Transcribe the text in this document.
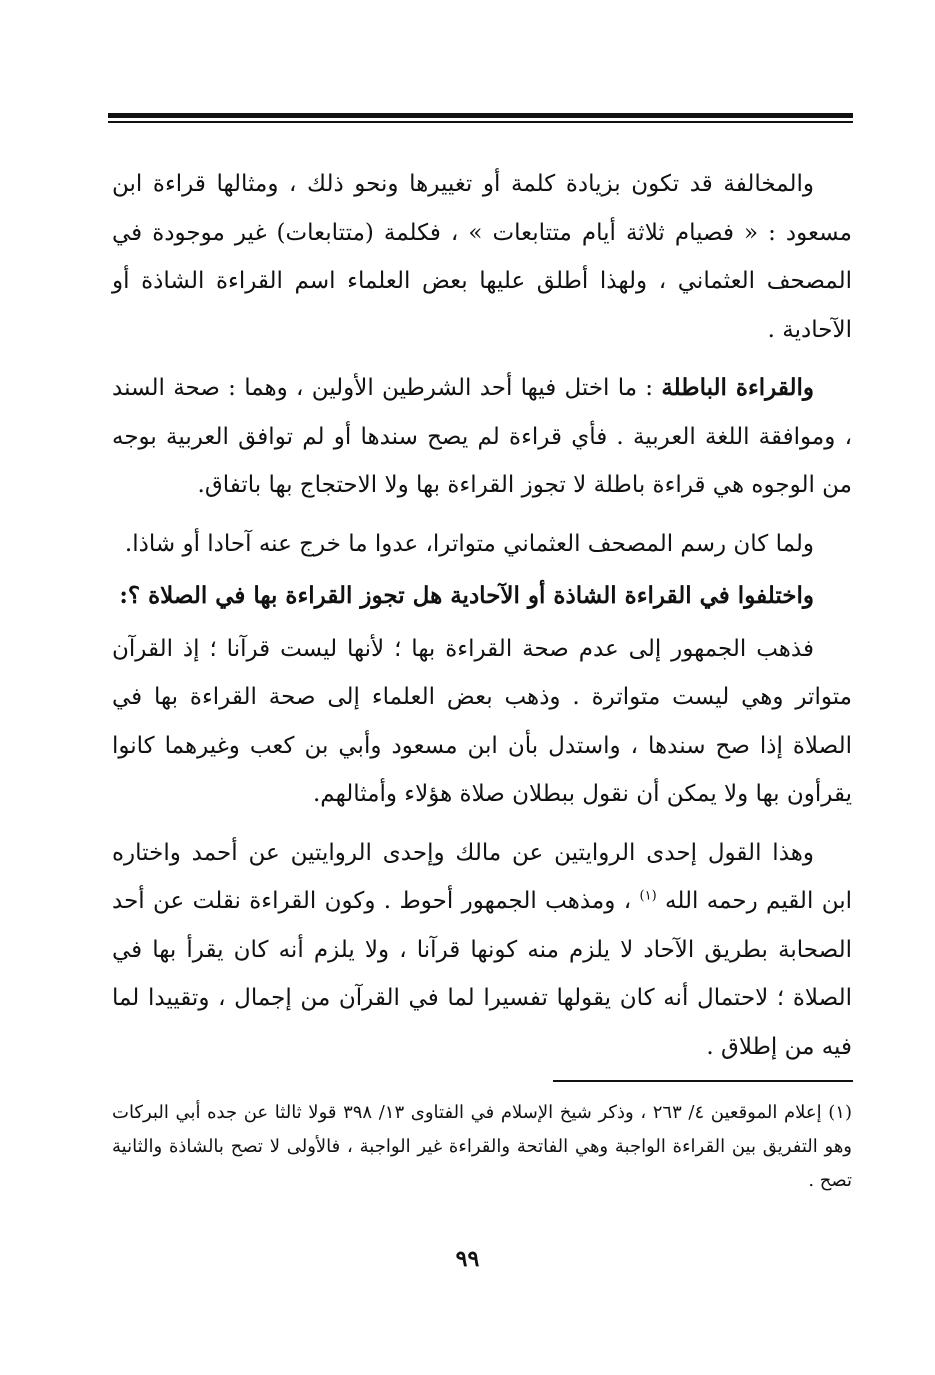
والمخالفة قد تكون بزيادة كلمة أو تغييرها ونحو ذلك ، ومثالها قراءة ابن مسعود : « فصيام ثلاثة أيام متتابعات » ، فكلمة (متتابعات) غير موجودة في المصحف العثماني ، ولهذا أطلق عليها بعض العلماء اسم القراءة الشاذة أو الآحادية .

والقراءة الباطلة : ما اختل فيها أحد الشرطين الأولين ، وهما : صحة السند ، وموافقة اللغة العربية . فأي قراءة لم يصح سندها أو لم توافق العربية بوجه من الوجوه هي قراءة باطلة لا تجوز القراءة بها ولا الاحتجاج بها باتفاق.

ولما كان رسم المصحف العثماني متواترا، عدوا ما خرج عنه آحادا أو شاذا.

واختلفوا في القراءة الشاذة أو الآحادية هل تجوز القراءة بها في الصلاة ؟:

فذهب الجمهور إلى عدم صحة القراءة بها ؛ لأنها ليست قرآنا ؛ إذ القرآن متواتر وهي ليست متواترة . وذهب بعض العلماء إلى صحة القراءة بها في الصلاة إذا صح سندها ، واستدل بأن ابن مسعود وأبي بن كعب وغيرهما كانوا يقرأون بها ولا يمكن أن نقول ببطلان صلاة هؤلاء وأمثالهم.

وهذا القول إحدى الروايتين عن مالك وإحدى الروايتين عن أحمد واختاره ابن القيم رحمه الله $^{(١)}$ ، ومذهب الجمهور أحوط . وكون القراءة نقلت عن أحد الصحابة بطريق الآحاد لا يلزم منه كونها قرآنا ، ولا يلزم أنه كان يقرأ بها في الصلاة ؛ لاحتمال أنه كان يقولها تفسيرا لما في القرآن من إجمال ، وتقييدا لما فيه من إطلاق .

(١) إعلام الموقعين ٤/ ٢٦٣ ، وذكر شيخ الإسلام في الفتاوى ١٣/ ٣٩٨ قولا ثالثا عن جده أبي البركات وهو التفريق بين القراءة الواجبة وهي الفاتحة والقراءة غير الواجبة ، فالأولى لا تصح بالشاذة والثانية تصح .

٩٩
